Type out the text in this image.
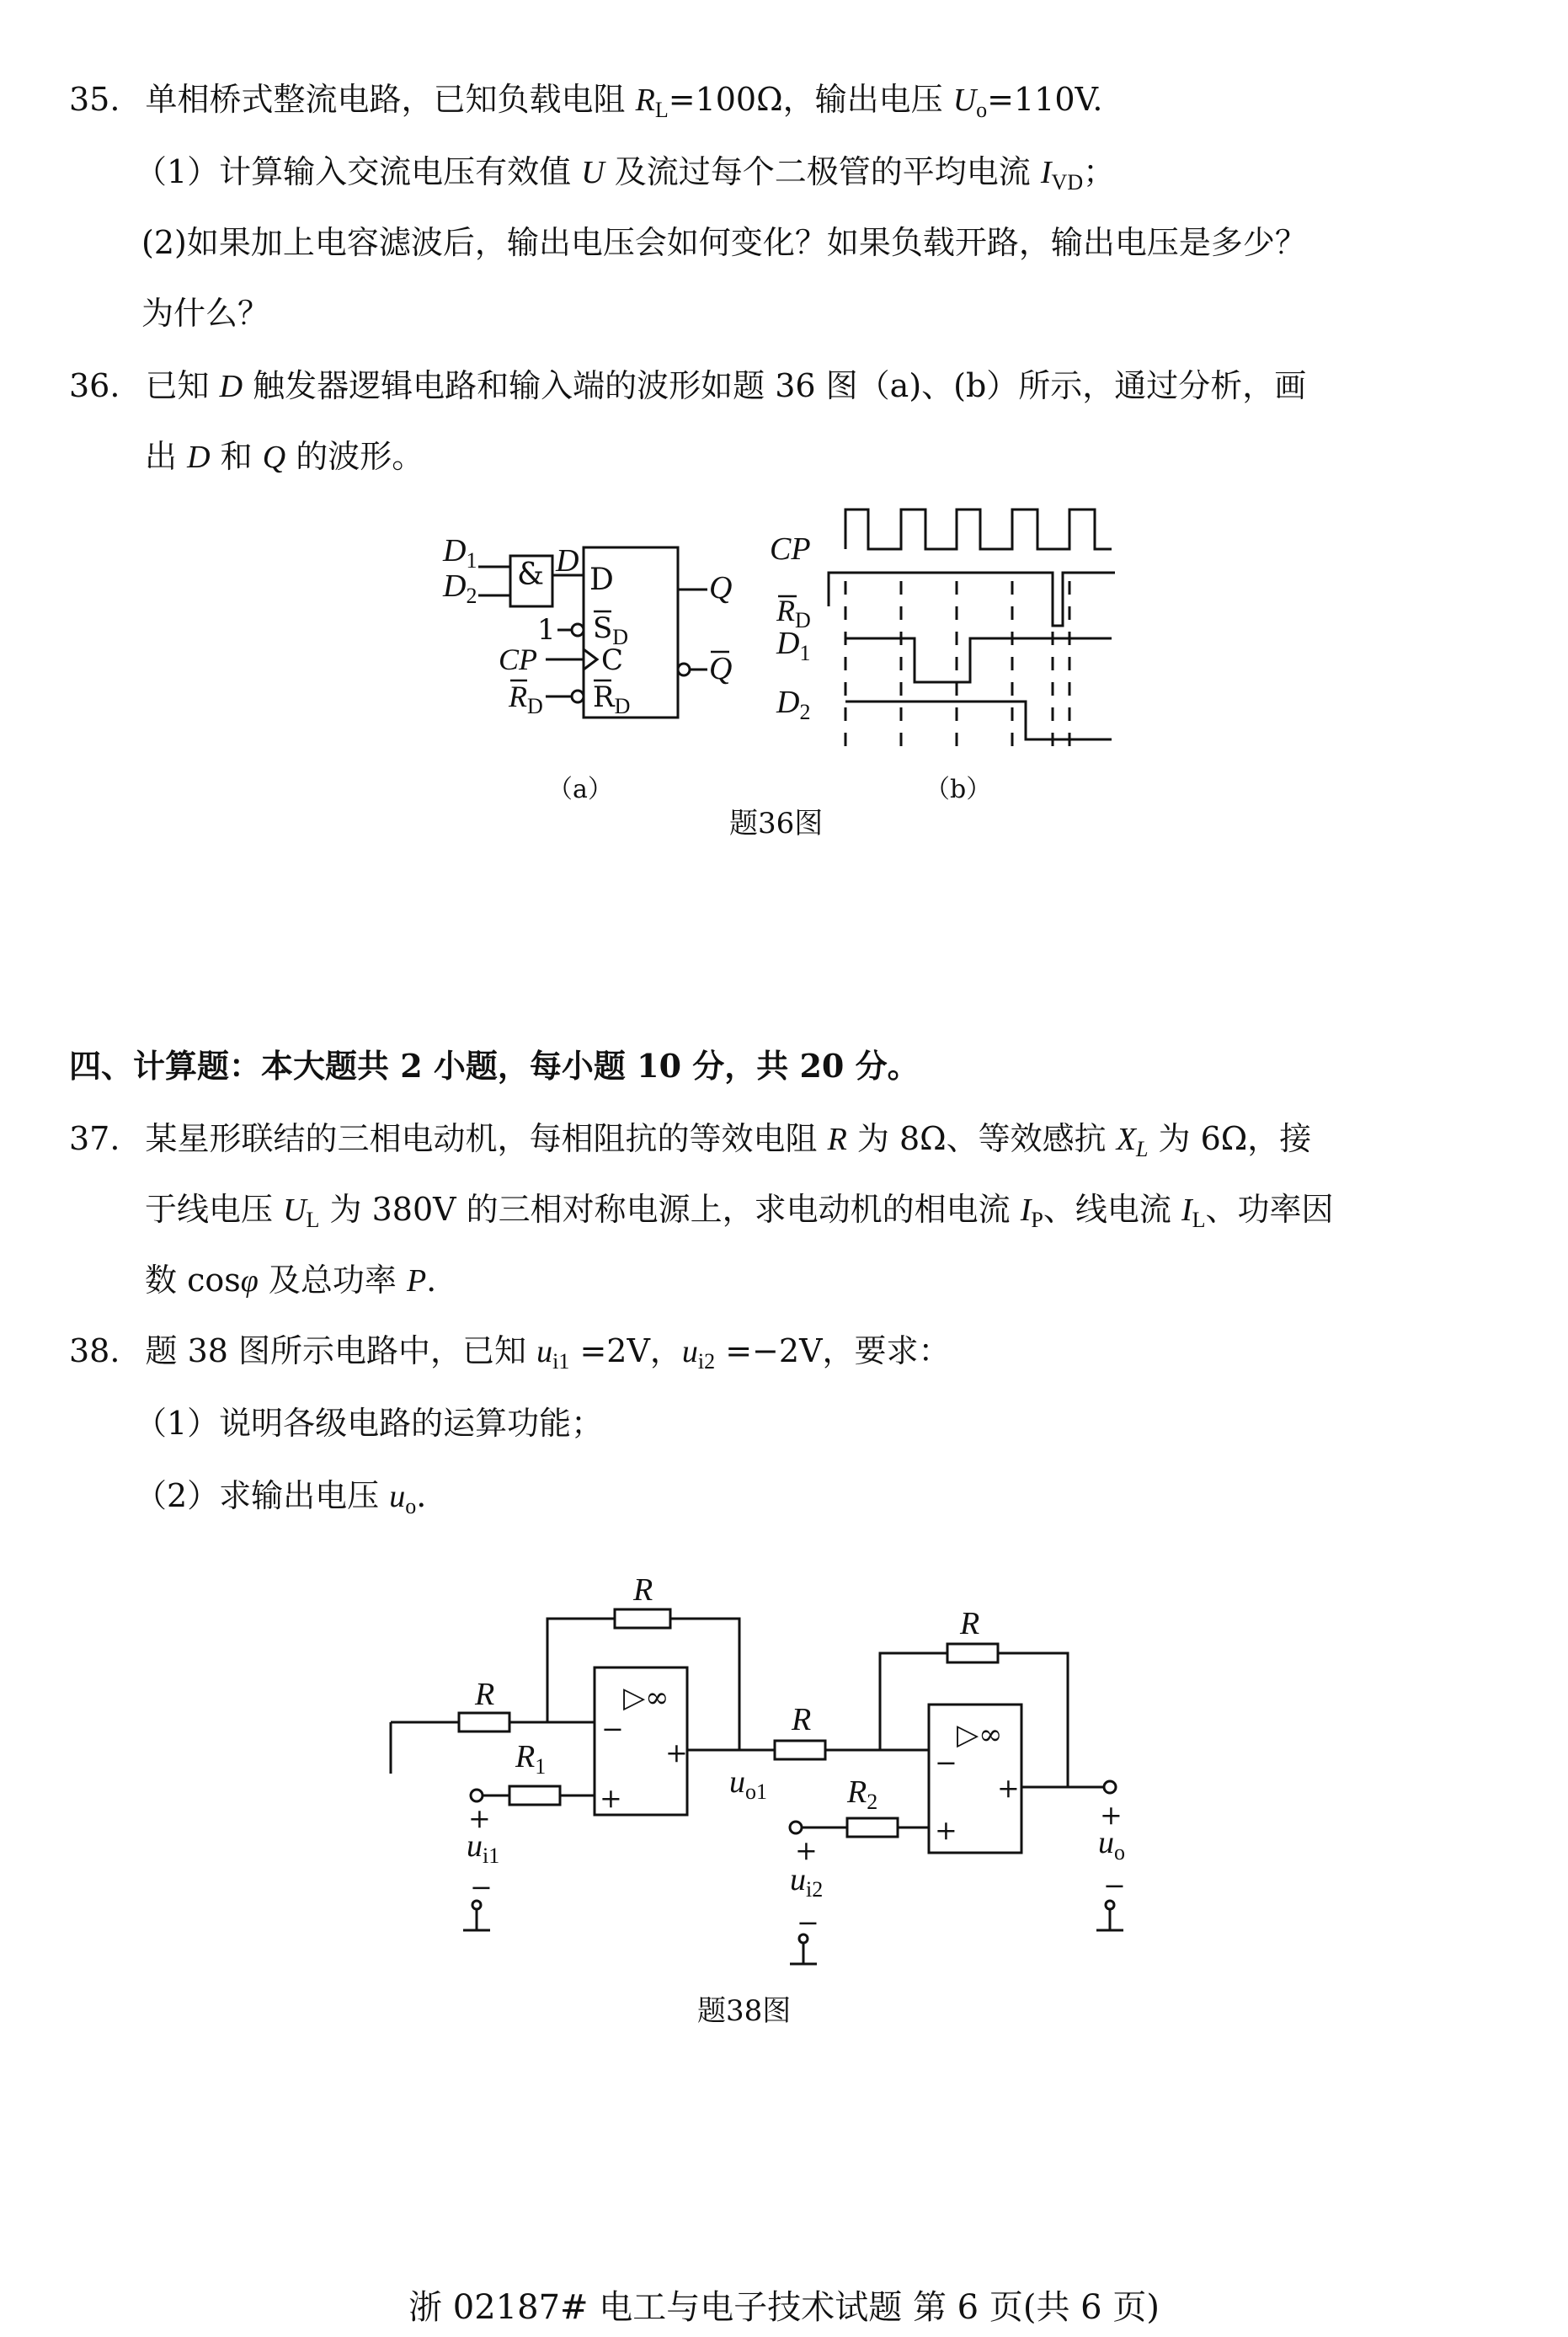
35. 单相桥式整流电路，已知负载电阻 $R_L=100\Omega$，输出电压 $U_o=110V$.
（1）计算输入交流电压有效值 U 及流过每个二极管的平均电流 $I_{VD}$；
(2)如果加上电容滤波后，输出电压会如何变化？如果负载开路，输出电压是多少？
为什么？
36. 已知 D 触发器逻辑电路和输入端的波形如题 36 图（a)、(b）所示，通过分析，画
出 D 和 Q 的波形。
$D_1$
$D_2$
& D
D
$S_D$
1
CP C
$R_D$ $R_D$
Q
Q
CP
$R_D$
$D_1$
$D_2$
（a）	（b）
题36图
四、计算题：本大题共 2 小题，每小题 10 分，共 20 分。
37. 某星形联结的三相电动机，每相阻抗的等效电阻 R 为 8Ω、等效感抗 $X_L$ 为 6Ω，接
于线电压 $U_L$ 为 380V 的三相对称电源上，求电动机的相电流 $I_P$、线电流 $I_L$、功率因
数 cosφ 及总功率 P.
38. 题 38 图所示电路中，已知 $u_{i1} =2V$，$u_{i2} =-2V$，要求：
（1）说明各级电路的运算功能；
（2）求输出电压 $u_o$.
R
R
$R_1$
▷∞
−
+
+	$u_{o1}$
R
R
$R_2$
▷∞
−
+
+
+
$u_{i1}$
−
+
$u_{i2}$
−
+
$u_o$
−
题38图
浙 02187# 电工与电子技术试题 第 6 页(共 6 页)
